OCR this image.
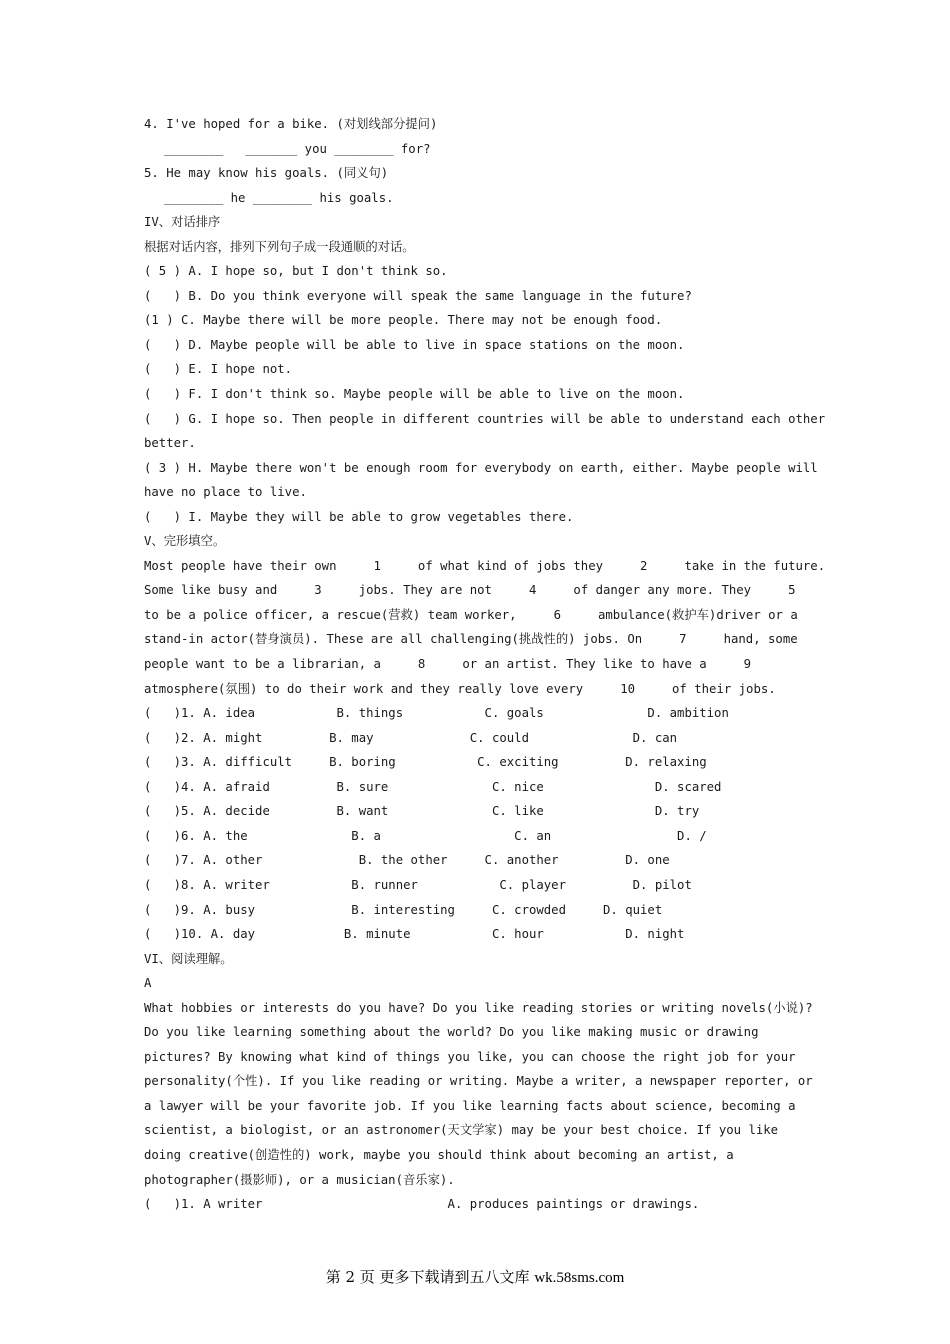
4. I've hoped for a bike. (对划线部分提问)
________   _______ you ________ for?
5. He may know his goals. (同义句)
________ he ________ his goals.
IV、对话排序
根据对话内容，排列下列句子成一段通顺的对话。
( 5 ) A. I hope so, but I don't think so.
(   ) B. Do you think everyone will speak the same language in the future?
(1 ) C. Maybe there will be more people. There may not be enough food.
(   ) D. Maybe people will be able to live in space stations on the moon.
(   ) E. I hope not.
(   ) F. I don't think so. Maybe people will be able to live on the moon.
(   ) G. I hope so. Then people in different countries will be able to understand each other
better.
( 3 ) H. Maybe there won't be enough room for everybody on earth, either. Maybe people will
have no place to live.
(   ) I. Maybe they will be able to grow vegetables there.
V、完形填空。
Most people have their own     1     of what kind of jobs they     2     take in the future.
Some like busy and     3     jobs. They are not     4     of danger any more. They     5
to be a police officer, a rescue(营救) team worker,     6     ambulance(救护车)driver or a
stand-in actor(替身演员). These are all challenging(挑战性的) jobs. On     7     hand, some
people want to be a librarian, a     8     or an artist. They like to have a     9
atmosphere(氛围) to do their work and they really love every     10     of their jobs.
(   )1. A. idea           B. things           C. goals              D. ambition
(   )2. A. might         B. may             C. could              D. can
(   )3. A. difficult     B. boring           C. exciting         D. relaxing
(   )4. A. afraid         B. sure              C. nice               D. scared
(   )5. A. decide         B. want              C. like               D. try
(   )6. A. the              B. a                  C. an                 D. /
(   )7. A. other             B. the other     C. another         D. one
(   )8. A. writer           B. runner           C. player         D. pilot
(   )9. A. busy             B. interesting     C. crowded     D. quiet
(   )10. A. day            B. minute           C. hour           D. night
VI、阅读理解。
A
What hobbies or interests do you have? Do you like reading stories or writing novels(小说)?
Do you like learning something about the world? Do you like making music or drawing
pictures? By knowing what kind of things you like, you can choose the right job for your
personality(个性). If you like reading or writing. Maybe a writer, a newspaper reporter, or
a lawyer will be your favorite job. If you like learning facts about science, becoming a
scientist, a biologist, or an astronomer(天文学家) may be your best choice. If you like
doing creative(创造性的) work, maybe you should think about becoming an artist, a
photographer(摄影师), or a musician(音乐家).
(   )1. A writer                         A. produces paintings or drawings.
第 2 页 更多下载请到五八文库 wk.58sms.com
